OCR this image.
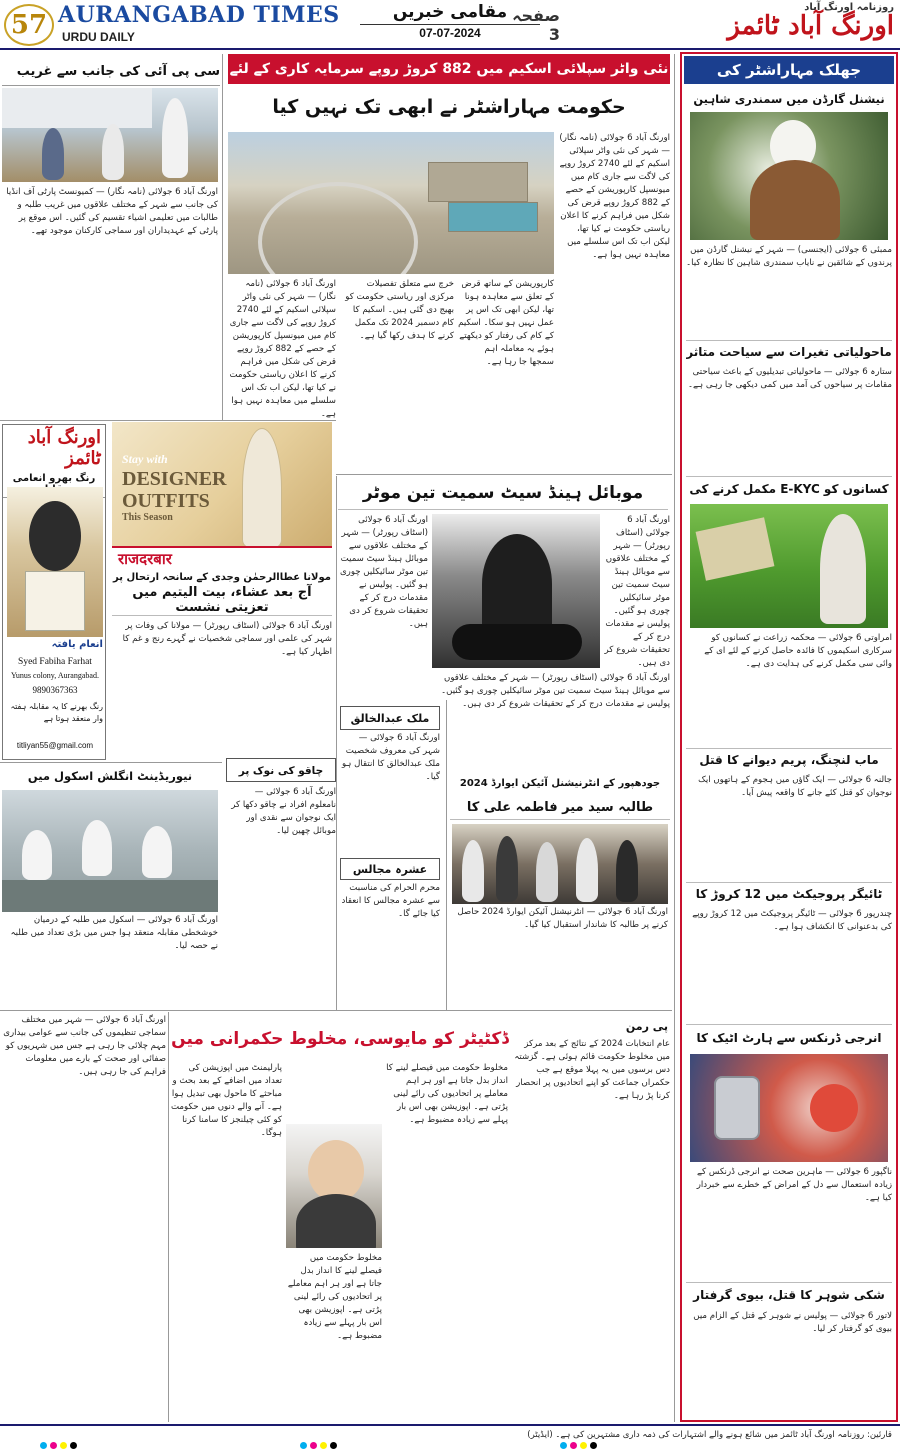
57 AURANGABAD TIMES
URDU DAILY
مقامی خبریں
07-07-2024
صفحہ 3
روزنامہ اورنگ آباد
اورنگ آباد ٹائمز
سی پی آئی کی جانب سے غریب
اورنگ آباد 6 جولائی (نامہ نگار) — کمیونسٹ پارٹی آف انڈیا کی جانب سے شہر کے مختلف علاقوں میں غریب طلبہ و طالبات میں تعلیمی اشیاء تقسیم کی گئیں۔ اس موقع پر پارٹی کے عہدیداران اور سماجی کارکنان موجود تھے۔
اورنگ آباد ٹائمز
رنگ بھرو انعامی
انعام یافتہ
Syed Fabiha Farhat
Yunus colony, Aurangabad.
9890367363
رنگ بھرنے کا یہ مقابلہ ہفتہ وار منعقد ہوتا ہے
titliyan55@gmail.com
Stay with
DESIGNER
OUTFITS
This Season
राजदरबार
مولانا عطاالرحمٰن وجدی کے سانحہ ارتحال پر
آج بعد عشاء، بیت الیتیم میں تعزیتی نشست
اورنگ آباد 6 جولائی (اسٹاف رپورٹر) — مولانا کی وفات پر شہر کی علمی اور سماجی شخصیات نے گہرے رنج و غم کا اظہار کیا ہے۔
نیوریڈینٹ انگلش اسکول میں
اورنگ آباد 6 جولائی — اسکول میں طلبہ کے درمیان خوشخطی مقابلہ منعقد ہوا جس میں بڑی تعداد میں طلبہ نے حصہ لیا۔
نئی واٹر سپلائی اسکیم میں 882 کروڑ روپے سرمایہ کاری کے لئے
حکومت مہاراشٹر نے ابھی تک نہیں کیا
اورنگ آباد 6 جولائی (نامہ نگار) — شہر کی نئی واٹر سپلائی اسکیم کے لئے 2740 کروڑ روپے کی لاگت سے جاری کام میں میونسپل کارپوریشن کے حصے کے 882 کروڑ روپے قرض کی شکل میں فراہم کرنے کا اعلان ریاستی حکومت نے کیا تھا، لیکن اب تک اس سلسلے میں معاہدہ نہیں ہوا ہے۔
کارپوریشن کے ساتھ قرض کے تعلق سے معاہدہ ہونا تھا، لیکن ابھی تک اس پر عمل نہیں ہو سکا۔ اسکیم کے کام کی رفتار کو دیکھتے ہوئے یہ معاملہ اہم سمجھا جا رہا ہے۔
خرچ سے متعلق تفصیلات مرکزی اور ریاستی حکومت کو بھیج دی گئی ہیں۔ اسکیم کا کام دسمبر 2024 تک مکمل کرنے کا ہدف رکھا گیا ہے۔
اورنگ آباد 6 جولائی (نامہ نگار) — شہر کی نئی واٹر سپلائی اسکیم کے لئے 2740 کروڑ روپے کی لاگت سے جاری کام میں میونسپل کارپوریشن کے حصے کے 882 کروڑ روپے قرض کی شکل میں فراہم کرنے کا اعلان ریاستی حکومت نے کیا تھا، لیکن اب تک اس سلسلے میں معاہدہ نہیں ہوا ہے۔
موبائل ہینڈ سیٹ سمیت تین موٹر
اورنگ آباد 6 جولائی (اسٹاف رپورٹر) — شہر کے مختلف علاقوں سے موبائل ہینڈ سیٹ سمیت تین موٹر سائیکلیں چوری ہو گئیں۔ پولیس نے مقدمات درج کر کے تحقیقات شروع کر دی ہیں۔
اورنگ آباد 6 جولائی (اسٹاف رپورٹر) — شہر کے مختلف علاقوں سے موبائل ہینڈ سیٹ سمیت تین موٹر سائیکلیں چوری ہو گئیں۔ پولیس نے مقدمات درج کر کے تحقیقات شروع کر دی ہیں۔
اورنگ آباد 6 جولائی (اسٹاف رپورٹر) — شہر کے مختلف علاقوں سے موبائل ہینڈ سیٹ سمیت تین موٹر سائیکلیں چوری ہو گئیں۔ پولیس نے مقدمات درج کر کے تحقیقات شروع کر دی ہیں۔
ملک عبدالخالق
اورنگ آباد 6 جولائی — شہر کی معروف شخصیت ملک عبدالخالق کا انتقال ہو گیا۔
عشرہ مجالس
محرم الحرام کی مناسبت سے عشرہ مجالس کا انعقاد کیا جائے گا۔
چاقو کی نوک پر
اورنگ آباد 6 جولائی — نامعلوم افراد نے چاقو دکھا کر ایک نوجوان سے نقدی اور موبائل چھین لیا۔
جودھپور کے انٹرنیشنل آئیکن ایوارڈ 2024
طالبہ سید میر فاطمہ علی کا
اورنگ آباد 6 جولائی — انٹرنیشنل آئیکن ایوارڈ 2024 حاصل کرنے پر طالبہ کا شاندار استقبال کیا گیا۔
اورنگ آباد 6 جولائی — شہر میں مختلف سماجی تنظیموں کی جانب سے عوامی بیداری مہم چلائی جا رہی ہے جس میں شہریوں کو صفائی اور صحت کے بارے میں معلومات فراہم کی جا رہی ہیں۔
ڈکٹیٹر کو مایوسی، مخلوط حکمرانی میں
پی رمن
عام انتخابات 2024 کے نتائج کے بعد مرکز میں مخلوط حکومت قائم ہوئی ہے۔ گزشتہ دس برسوں میں یہ پہلا موقع ہے جب حکمراں جماعت کو اپنے اتحادیوں پر انحصار کرنا پڑ رہا ہے۔
مخلوط حکومت میں فیصلے لینے کا انداز بدل جاتا ہے اور ہر اہم معاملے پر اتحادیوں کی رائے لینی پڑتی ہے۔ اپوزیشن بھی اس بار پہلے سے زیادہ مضبوط ہے۔
پارلیمنٹ میں اپوزیشن کی تعداد میں اضافے کے بعد بحث و مباحثے کا ماحول بھی تبدیل ہوا ہے۔ آنے والے دنوں میں حکومت کو کئی چیلنجز کا سامنا کرنا ہوگا۔
مخلوط حکومت میں فیصلے لینے کا انداز بدل جاتا ہے اور ہر اہم معاملے پر اتحادیوں کی رائے لینی پڑتی ہے۔ اپوزیشن بھی اس بار پہلے سے زیادہ مضبوط ہے۔
جھلک مہاراشٹر کی
نیشنل گارڈن میں سمندری شاہین
ممبئی 6 جولائی (ایجنسی) — شہر کے نیشنل گارڈن میں پرندوں کے شائقین نے نایاب سمندری شاہین کا نظارہ کیا۔
ماحولیاتی تغیرات سے سیاحت متاثر
ستارہ 6 جولائی — ماحولیاتی تبدیلیوں کے باعث سیاحتی مقامات پر سیاحوں کی آمد میں کمی دیکھی جا رہی ہے۔
کسانوں کو E-KYC مکمل کرنے کی
امراوتی 6 جولائی — محکمہ زراعت نے کسانوں کو سرکاری اسکیموں کا فائدہ حاصل کرنے کے لئے ای کے وائی سی مکمل کرنے کی ہدایت دی ہے۔
ماب لنچنگ، پریم دیوانے کا قتل
جالنہ 6 جولائی — ایک گاؤں میں ہجوم کے ہاتھوں ایک نوجوان کو قتل کئے جانے کا واقعہ پیش آیا۔
ٹائیگر پروجیکٹ میں 12 کروڑ کا
چندرپور 6 جولائی — ٹائیگر پروجیکٹ میں 12 کروڑ روپے کی بدعنوانی کا انکشاف ہوا ہے۔
انرجی ڈرنکس سے ہارٹ اٹیک کا
ناگپور 6 جولائی — ماہرین صحت نے انرجی ڈرنکس کے زیادہ استعمال سے دل کے امراض کے خطرے سے خبردار کیا ہے۔
شکی شوہر کا قتل، بیوی گرفتار
لاتور 6 جولائی — پولیس نے شوہر کے قتل کے الزام میں بیوی کو گرفتار کر لیا۔
قارئین: روزنامہ اورنگ آباد ٹائمز میں شائع ہونے والے اشتہارات کی ذمہ داری مشتہرین کی ہے۔ (ایڈیٹر)
